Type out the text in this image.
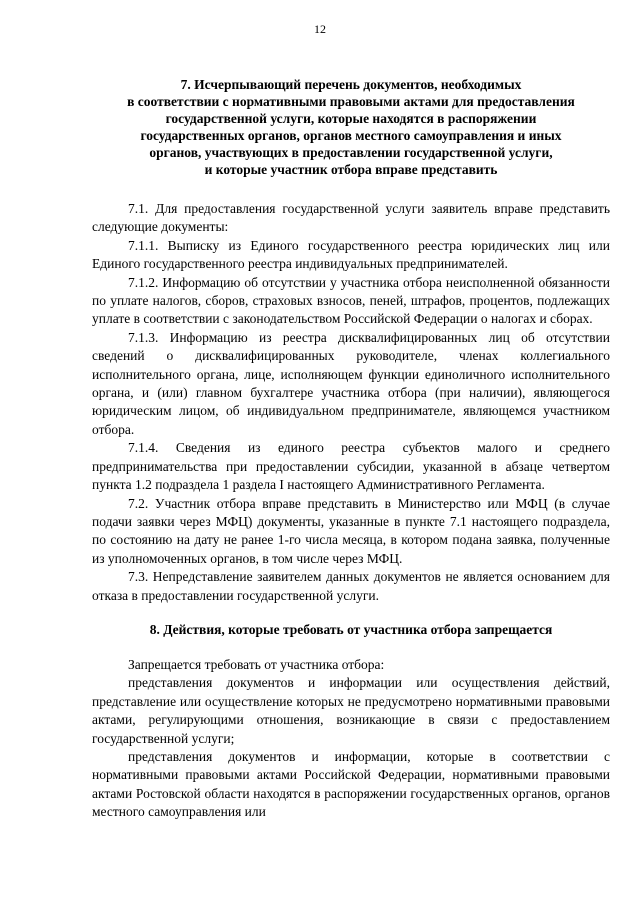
12
7. Исчерпывающий перечень документов, необходимых
в соответствии с нормативными правовыми актами для предоставления
государственной услуги, которые находятся в распоряжении
государственных органов, органов местного самоуправления и иных
органов, участвующих в предоставлении государственной услуги,
и которые участник отбора вправе представить

7.1. Для предоставления государственной услуги заявитель вправе представить следующие документы:

7.1.1. Выписку из Единого государственного реестра юридических лиц или Единого государственного реестра индивидуальных предпринимателей.

7.1.2. Информацию об отсутствии у участника отбора неисполненной обязанности по уплате налогов, сборов, страховых взносов, пеней, штрафов, процентов, подлежащих уплате в соответствии с законодательством Российской Федерации о налогах и сборах.

7.1.3. Информацию из реестра дисквалифицированных лиц об отсутствии сведений о дисквалифицированных руководителе, членах коллегиального исполнительного органа, лице, исполняющем функции единоличного исполнительного органа, и (или) главном бухгалтере участника отбора (при наличии), являющегося юридическим лицом, об индивидуальном предпринимателе, являющемся участником отбора.

7.1.4. Сведения из единого реестра субъектов малого и среднего предпринимательства при предоставлении субсидии, указанной в абзаце четвертом пункта 1.2 подраздела 1 раздела I настоящего Административного Регламента.

7.2. Участник отбора вправе представить в Министерство или МФЦ (в случае подачи заявки через МФЦ) документы, указанные в пункте 7.1 настоящего подраздела, по состоянию на дату не ранее 1-го числа месяца, в котором подана заявка, полученные из уполномоченных органов, в том числе через МФЦ.

7.3. Непредставление заявителем данных документов не является основанием для отказа в предоставлении государственной услуги.

8. Действия, которые требовать от участника отбора запрещается

Запрещается требовать от участника отбора:

представления документов и информации или осуществления действий, представление или осуществление которых не предусмотрено нормативными правовыми актами, регулирующими отношения, возникающие в связи с предоставлением государственной услуги;

представления документов и информации, которые в соответствии с нормативными правовыми актами Российской Федерации, нормативными правовыми актами Ростовской области находятся в распоряжении государственных органов, органов местного самоуправления или
